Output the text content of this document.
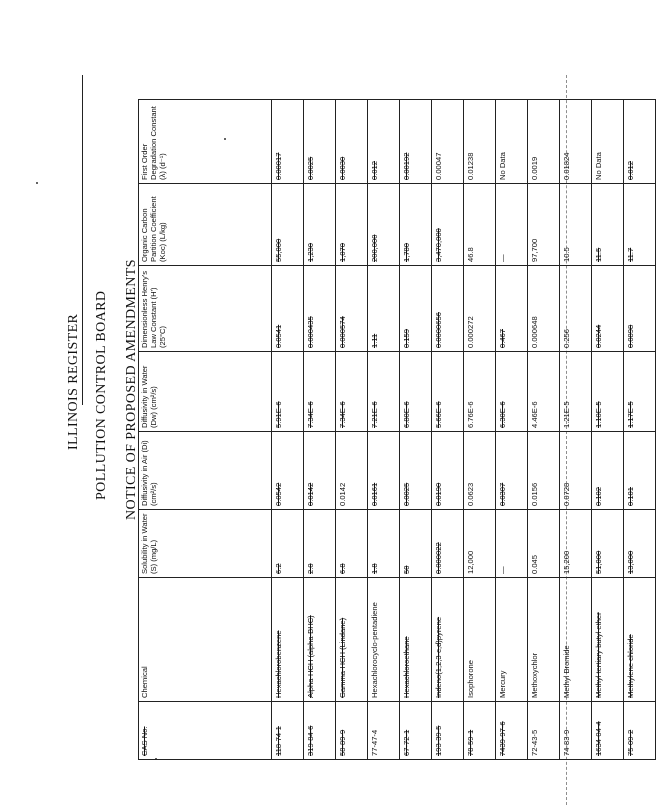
ILLINOIS REGISTER POLLUTION CONTROL BOARD NOTICE OF PROPOSED AMENDMENTS
CAS No.	Chemical	Solubility in Water (S) (mg/L)	Diffusivity in Air (Di) (cm²/s)	Diffusivity in Water (Dw) (cm²/s)	Dimensionless Henry's Law Constant (H') (25°C)	Organic Carbon Partition Coefficient (Koc) (L/kg)	First Order Degradation Constant (λ) (d⁻¹)
118-74-1	Hexachlorobenzene	6.2	0.0542	5.91E-6	0.0541	55,000	0.00017
319-84-6	Alpha-HCH (alpha-BHC)	2.0	0.0142	7.34E-6	0.000435	1,230	0.0025
58-89-9	Gamma-HCH (Lindane)	6.8	0.0142	7.34E-6	0.000574	1,070	0.0030
77-47-4	Hexachlorocyclo-pentadiene	1.8	0.0161	7.21E-6	1.11	200,000	0.012
67-72-1	Hexachloroethane	50	0.0025	6.80E-6	0.159	1,780	0.00192
193-39-5	Indeno(1,2,3-c,d)pyrene	0.000022	0.0190	5.66E-6	0.0000656	3,470,000	0.00047
78-59-1	Isophorone	12,000	0.0623	6.76E-6	0.000272	46.8	0.01238
7439-97-6	Mercury	—	0.0307	6.30E-6	0.467	—	No Data
72-43-5	Methoxychlor	0.045	0.0156	4.46E-6	0.000648	97,700	0.0019
74-83-9	Methyl Bromide	15,200	0.0728	1.21E-5	0.256	10.5	0.01824
1634-04-4	Methyl tertiary-butyl ether	51,000	0.102	1.10E-5	0.0244	11.5	No Data
75-09-2	Methylene chloride	13,000	0.101	1.17E-5	0.0898	11.7	0.012
